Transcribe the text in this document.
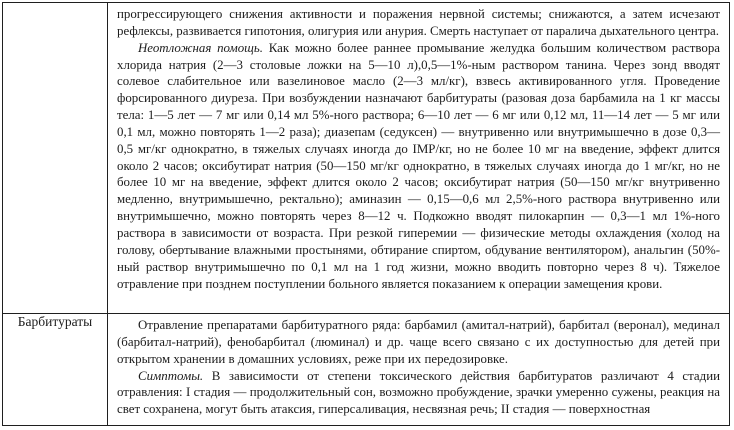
	прогрессирующего снижения активности и поражения нервной системы; снижаются, а затем исчезают рефлексы, развивается гипотония, олигурия или анурия. Смерть наступает от паралича дыхательного центра.

Неотложная помощь. Как можно более раннее промывание желудка большим количеством раствора хлорида натрия (2—3 столовые ложки на 5—10 л),0,5—1%-ным раствором танина. Через зонд вводят солевое слабительное или вазелиновое масло (2—3 мл/кг), взвесь активированного угля. Проведение форсированного диуреза. При возбуждении назначают барбитураты (разовая доза барбамила на 1 кг массы тела: 1—5 лет — 7 мг или 0,14 мл 5%-ного раствора; 6—10 лет — 6 мг или 0,12 мл, 11—14 лет — 5 мг или 0,1 мл, можно повторять 1—2 раза); диазепам (седуксен) — внутривенно или внутримышечно в дозе 0,3—0,5 мг/кг однократно, в тяжелых случаях иногда до IMP/кг, но не более 10 мг на введение, эффект длится около 2 часов; оксибутират натрия (50—150 мг/кг однократно, в тяжелых случаях иногда до 1 мг/кг, но не более 10 мг на введение, эффект длится около 2 часов; оксибутират натрия (50—150 мг/кг внутривенно медленно, внутримышечно, ректально); аминазин — 0,15—0,6 мл 2,5%-ного раствора внутривенно или внутримышечно, можно повторять через 8—12 ч. Подкожно вводят пилокарпин — 0,3—1 мл 1%-ного раствора в зависимости от возраста. При резкой гиперемии — физические методы охлаждения (холод на голову, обертывание влажными простынями, обтирание спиртом, обдувание вентилятором), анальгин (50%-ный раствор внутримышечно по 0,1 мл на 1 год жизни, можно вводить повторно через 8 ч). Тяжелое отравление при позднем поступлении больного является показанием к операции замещения крови.

Барбитураты	Отравление препаратами барбитуратного ряда: барбамил (амитал-натрий), барбитал (веронал), мединал (барбитал-натрий), фенобарбитал (люминал) и др. чаще всего связано с их доступностью для детей при открытом хранении в домашних условиях, реже при их передозировке.

Симптомы. В зависимости от степени токсического действия барбитуратов различают 4 стадии отравления: I стадия — продолжительный сон, возможно пробуждение, зрачки умеренно сужены, реакция на свет сохранена, могут быть атаксия, гиперсаливация, несвязная речь; II стадия — поверхностная
